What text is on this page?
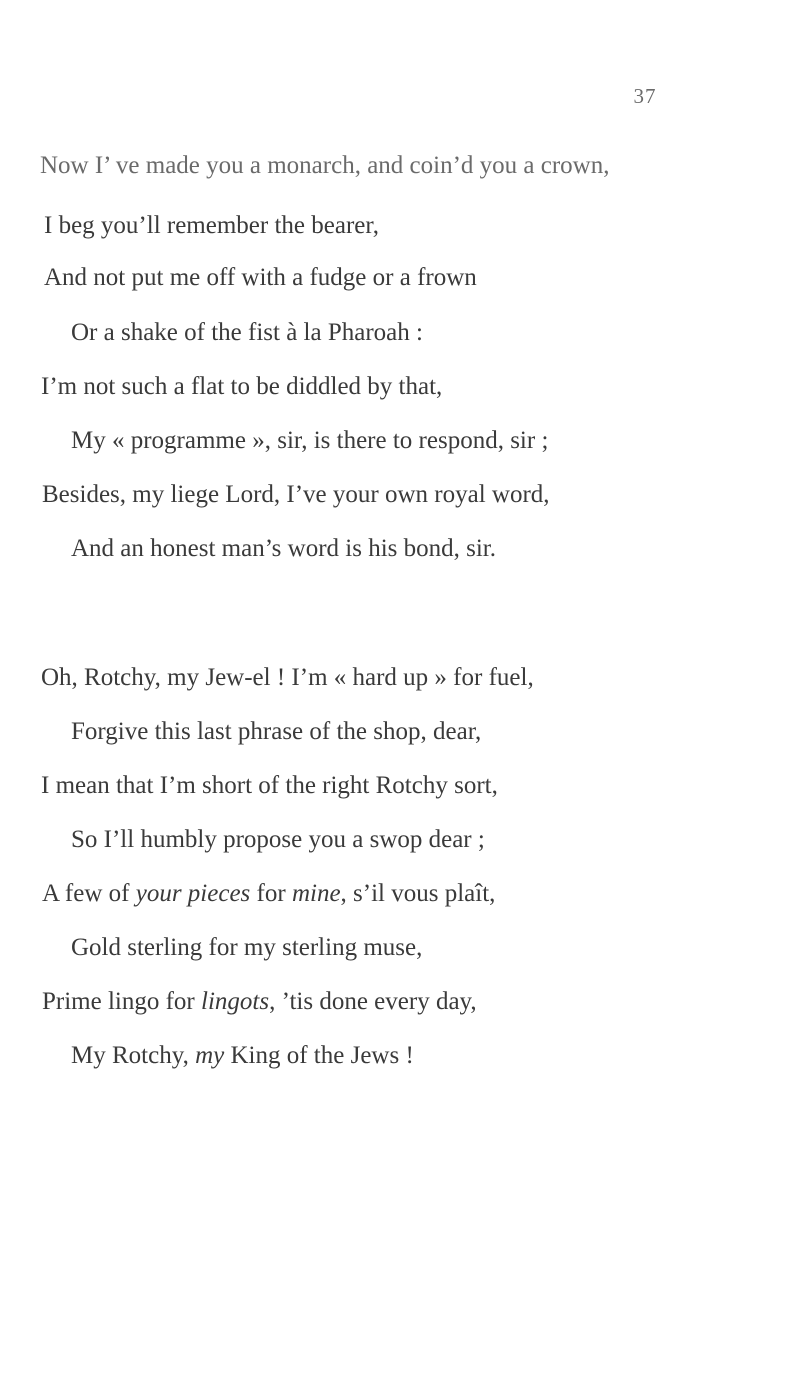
37
Now I’ ve made you a monarch, and coin’d you a crown,
I beg you’ll remember the bearer,
And not put me off with a fudge or a frown
Or a shake of the fist à la Pharoah :
I’m not such a flat to be diddled by that,
My « programme », sir, is there to respond, sir ;
Besides, my liege Lord, I’ve your own royal word,
And an honest man’s word is his bond, sir.
Oh, Rotchy, my Jew-el ! I’m « hard up » for fuel,
Forgive this last phrase of the shop, dear,
I mean that I’m short of the right Rotchy sort,
So I’ll humbly propose you a swop dear ;
A few of your pieces for mine, s’il vous plaît,
Gold sterling for my sterling muse,
Prime lingo for lingots, ’tis done every day,
My Rotchy, my King of the Jews !
